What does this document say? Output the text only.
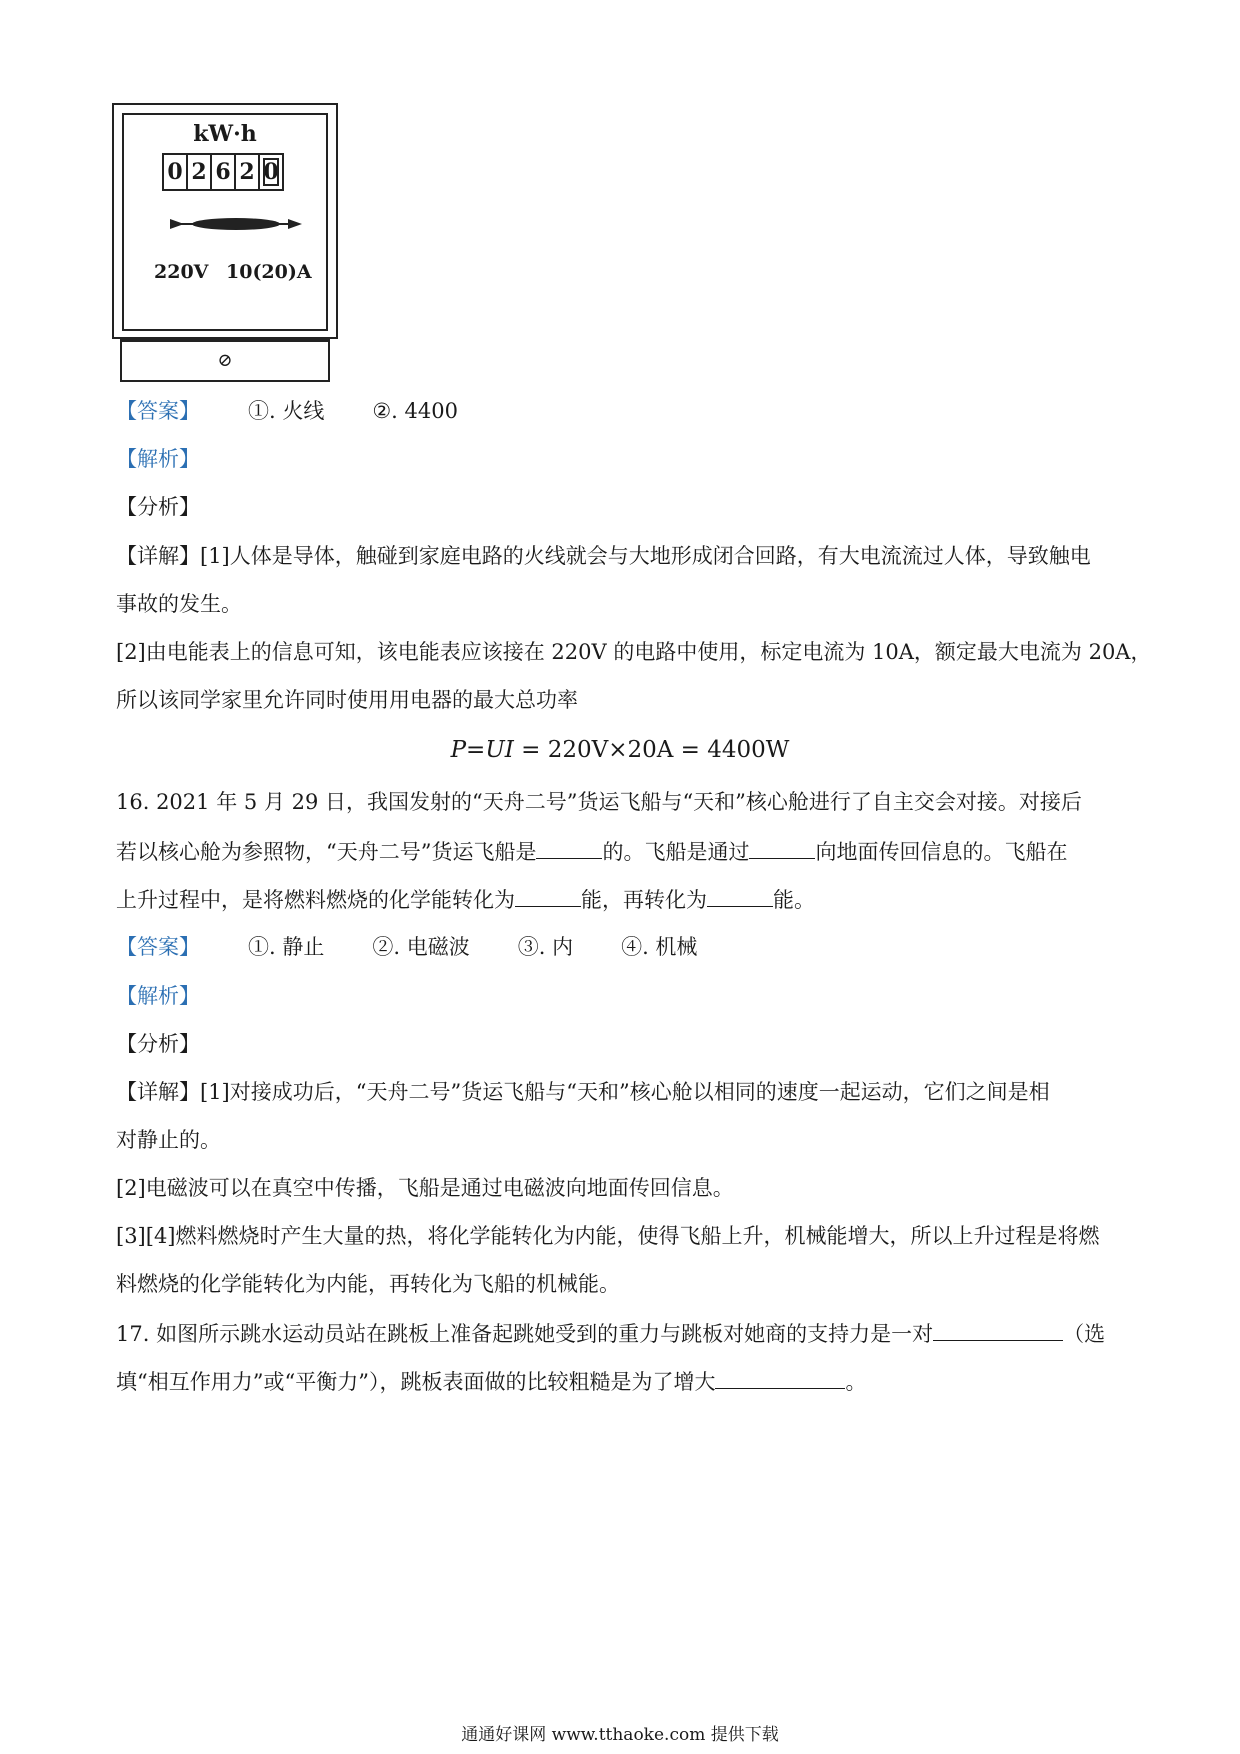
kW·h
0 2 6 2 0
220V 10(20)A
⊘
【答案】 ①. 火线 ②. 4400
【解析】
【分析】
【详解】[1]人体是导体，触碰到家庭电路的火线就会与大地形成闭合回路，有大电流流过人体，导致触电
事故的发生。
[2]由电能表上的信息可知，该电能表应该接在 220V 的电路中使用，标定电流为 10A，额定最大电流为 20A，
所以该同学家里允许同时使用用电器的最大总功率
P=UI = 220V×20A = 4400W
16. 2021 年 5 月 29 日，我国发射的“天舟二号”货运飞船与“天和”核心舱进行了自主交会对接。对接后
若以核心舱为参照物，“天舟二号”货运飞船是	的。飞船是通过	向地面传回信息的。飞船在
上升过程中，是将燃料燃烧的化学能转化为	能，再转化为	能。
【答案】 ①. 静止 ②. 电磁波 ③. 内 ④. 机械
【解析】
【分析】
【详解】[1]对接成功后，“天舟二号”货运飞船与“天和”核心舱以相同的速度一起运动，它们之间是相
对静止的。
[2]电磁波可以在真空中传播，飞船是通过电磁波向地面传回信息。
[3][4]燃料燃烧时产生大量的热，将化学能转化为内能，使得飞船上升，机械能增大，所以上升过程是将燃
料燃烧的化学能转化为内能，再转化为飞船的机械能。
17. 如图所示跳水运动员站在跳板上准备起跳她受到的重力与跳板对她商的支持力是一对	（选
填“相互作用力”或“平衡力”），跳板表面做的比较粗糙是为了增大	。
通通好课网 www.tthaoke.com 提供下载
